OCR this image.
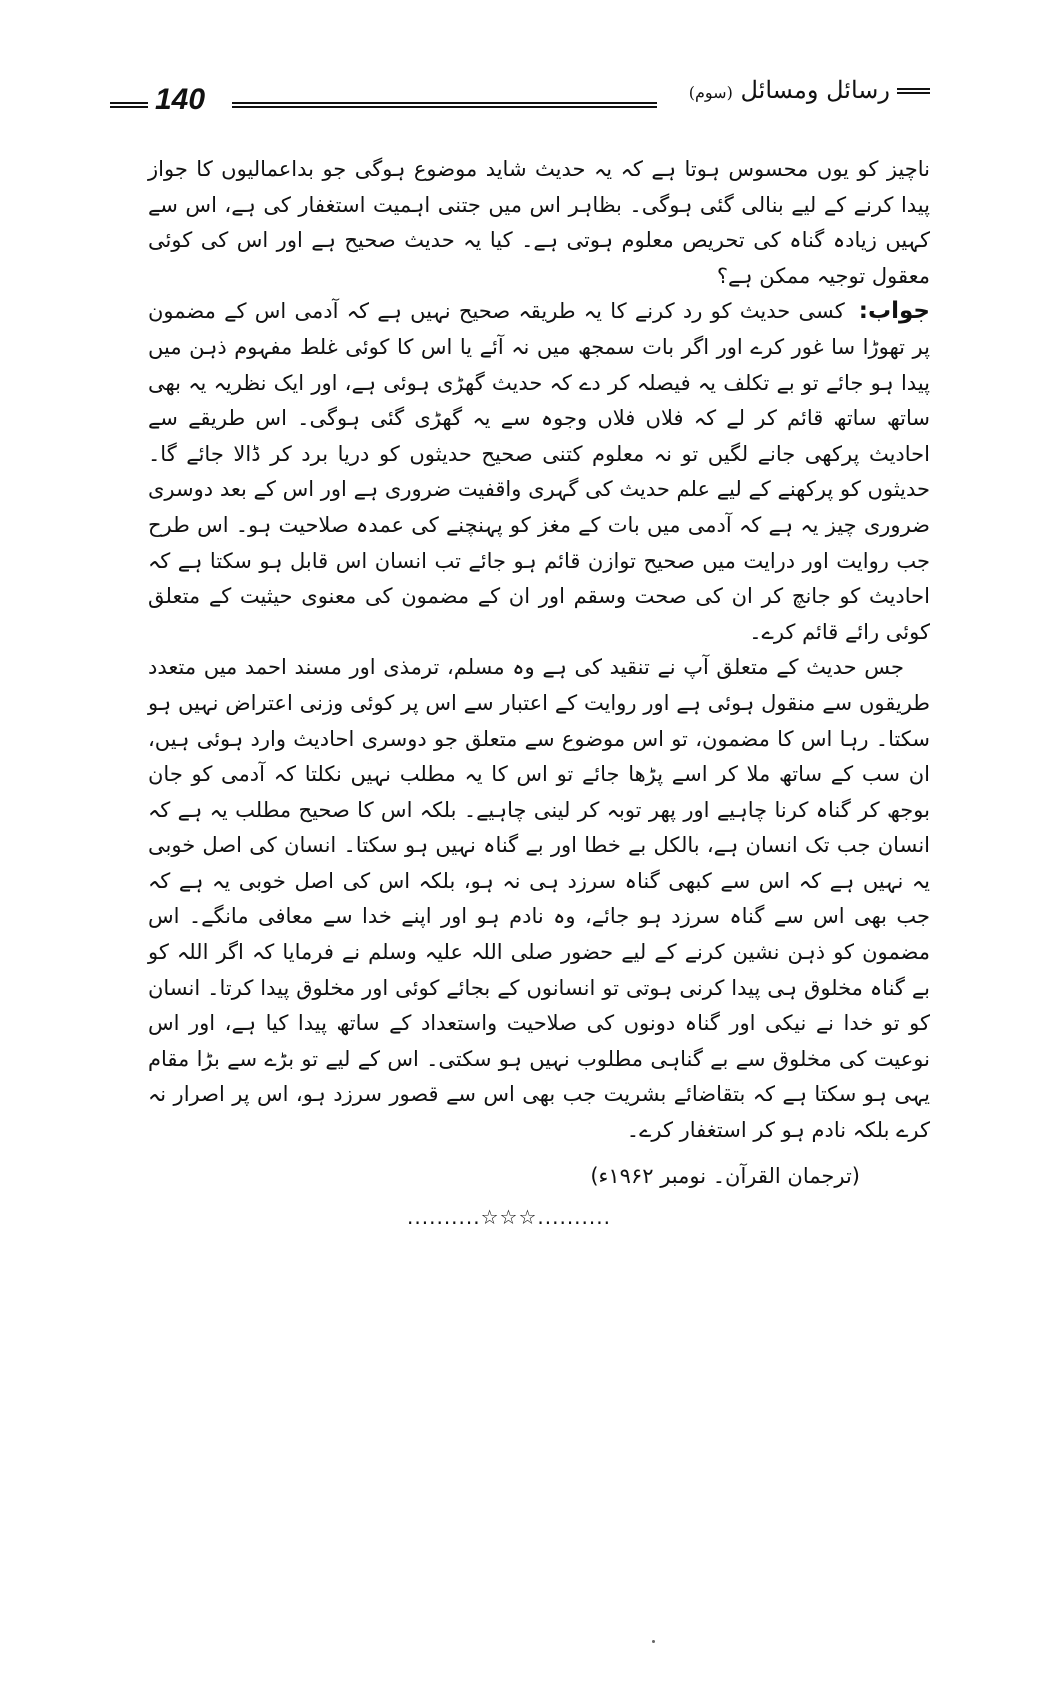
140	رسائل ومسائل (سوم)

ناچیز کو یوں محسوس ہوتا ہے کہ یہ حدیث شاید موضوع ہوگی جو بداعمالیوں کا جواز پیدا کرنے کے لیے بنالی گئی ہوگی۔ بظاہر اس میں جتنی اہمیت استغفار کی ہے، اس سے کہیں زیادہ گناہ کی تحریص معلوم ہوتی ہے۔ کیا یہ حدیث صحیح ہے اور اس کی کوئی معقول توجیہ ممکن ہے؟

جواب:کسی حدیث کو رد کرنے کا یہ طریقہ صحیح نہیں ہے کہ آدمی اس کے مضمون پر تھوڑا سا غور کرے اور اگر بات سمجھ میں نہ آئے یا اس کا کوئی غلط مفہوم ذہن میں پیدا ہو جائے تو بے تکلف یہ فیصلہ کر دے کہ حدیث گھڑی ہوئی ہے، اور ایک نظریہ یہ بھی ساتھ ساتھ قائم کر لے کہ فلاں فلاں وجوہ سے یہ گھڑی گئی ہوگی۔ اس طریقے سے احادیث پرکھی جانے لگیں تو نہ معلوم کتنی صحیح حدیثوں کو دریا برد کر ڈالا جائے گا۔ حدیثوں کو پرکھنے کے لیے علم حدیث کی گہری واقفیت ضروری ہے اور اس کے بعد دوسری ضروری چیز یہ ہے کہ آدمی میں بات کے مغز کو پہنچنے کی عمدہ صلاحیت ہو۔ اس طرح جب روایت اور درایت میں صحیح توازن قائم ہو جائے تب انسان اس قابل ہو سکتا ہے کہ احادیث کو جانچ کر ان کی صحت وسقم اور ان کے مضمون کی معنوی حیثیت کے متعلق کوئی رائے قائم کرے۔

جس حدیث کے متعلق آپ نے تنقید کی ہے وہ مسلم، ترمذی اور مسند احمد میں متعدد طریقوں سے منقول ہوئی ہے اور روایت کے اعتبار سے اس پر کوئی وزنی اعتراض نہیں ہو سکتا۔ رہا اس کا مضمون، تو اس موضوع سے متعلق جو دوسری احادیث وارد ہوئی ہیں، ان سب کے ساتھ ملا کر اسے پڑھا جائے تو اس کا یہ مطلب نہیں نکلتا کہ آدمی کو جان بوجھ کر گناہ کرنا چاہیے اور پھر توبہ کر لینی چاہیے۔ بلکہ اس کا صحیح مطلب یہ ہے کہ انسان جب تک انسان ہے، بالکل بے خطا اور بے گناہ نہیں ہو سکتا۔ انسان کی اصل خوبی یہ نہیں ہے کہ اس سے کبھی گناہ سرزد ہی نہ ہو، بلکہ اس کی اصل خوبی یہ ہے کہ جب بھی اس سے گناہ سرزد ہو جائے، وہ نادم ہو اور اپنے خدا سے معافی مانگے۔ اس مضمون کو ذہن نشین کرنے کے لیے حضور صلی اللہ علیہ وسلم نے فرمایا کہ اگر اللہ کو بے گناہ مخلوق ہی پیدا کرنی ہوتی تو انسانوں کے بجائے کوئی اور مخلوق پیدا کرتا۔ انسان کو تو خدا نے نیکی اور گناہ دونوں کی صلاحیت واستعداد کے ساتھ پیدا کیا ہے، اور اس نوعیت کی مخلوق سے بے گناہی مطلوب نہیں ہو سکتی۔ اس کے لیے تو بڑے سے بڑا مقام یہی ہو سکتا ہے کہ بتقاضائے بشریت جب بھی اس سے قصور سرزد ہو، اس پر اصرار نہ کرے بلکہ نادم ہو کر استغفار کرے۔

(ترجمان القرآن۔ نومبر ۱۹۶۲ء)
..........☆☆☆..........
